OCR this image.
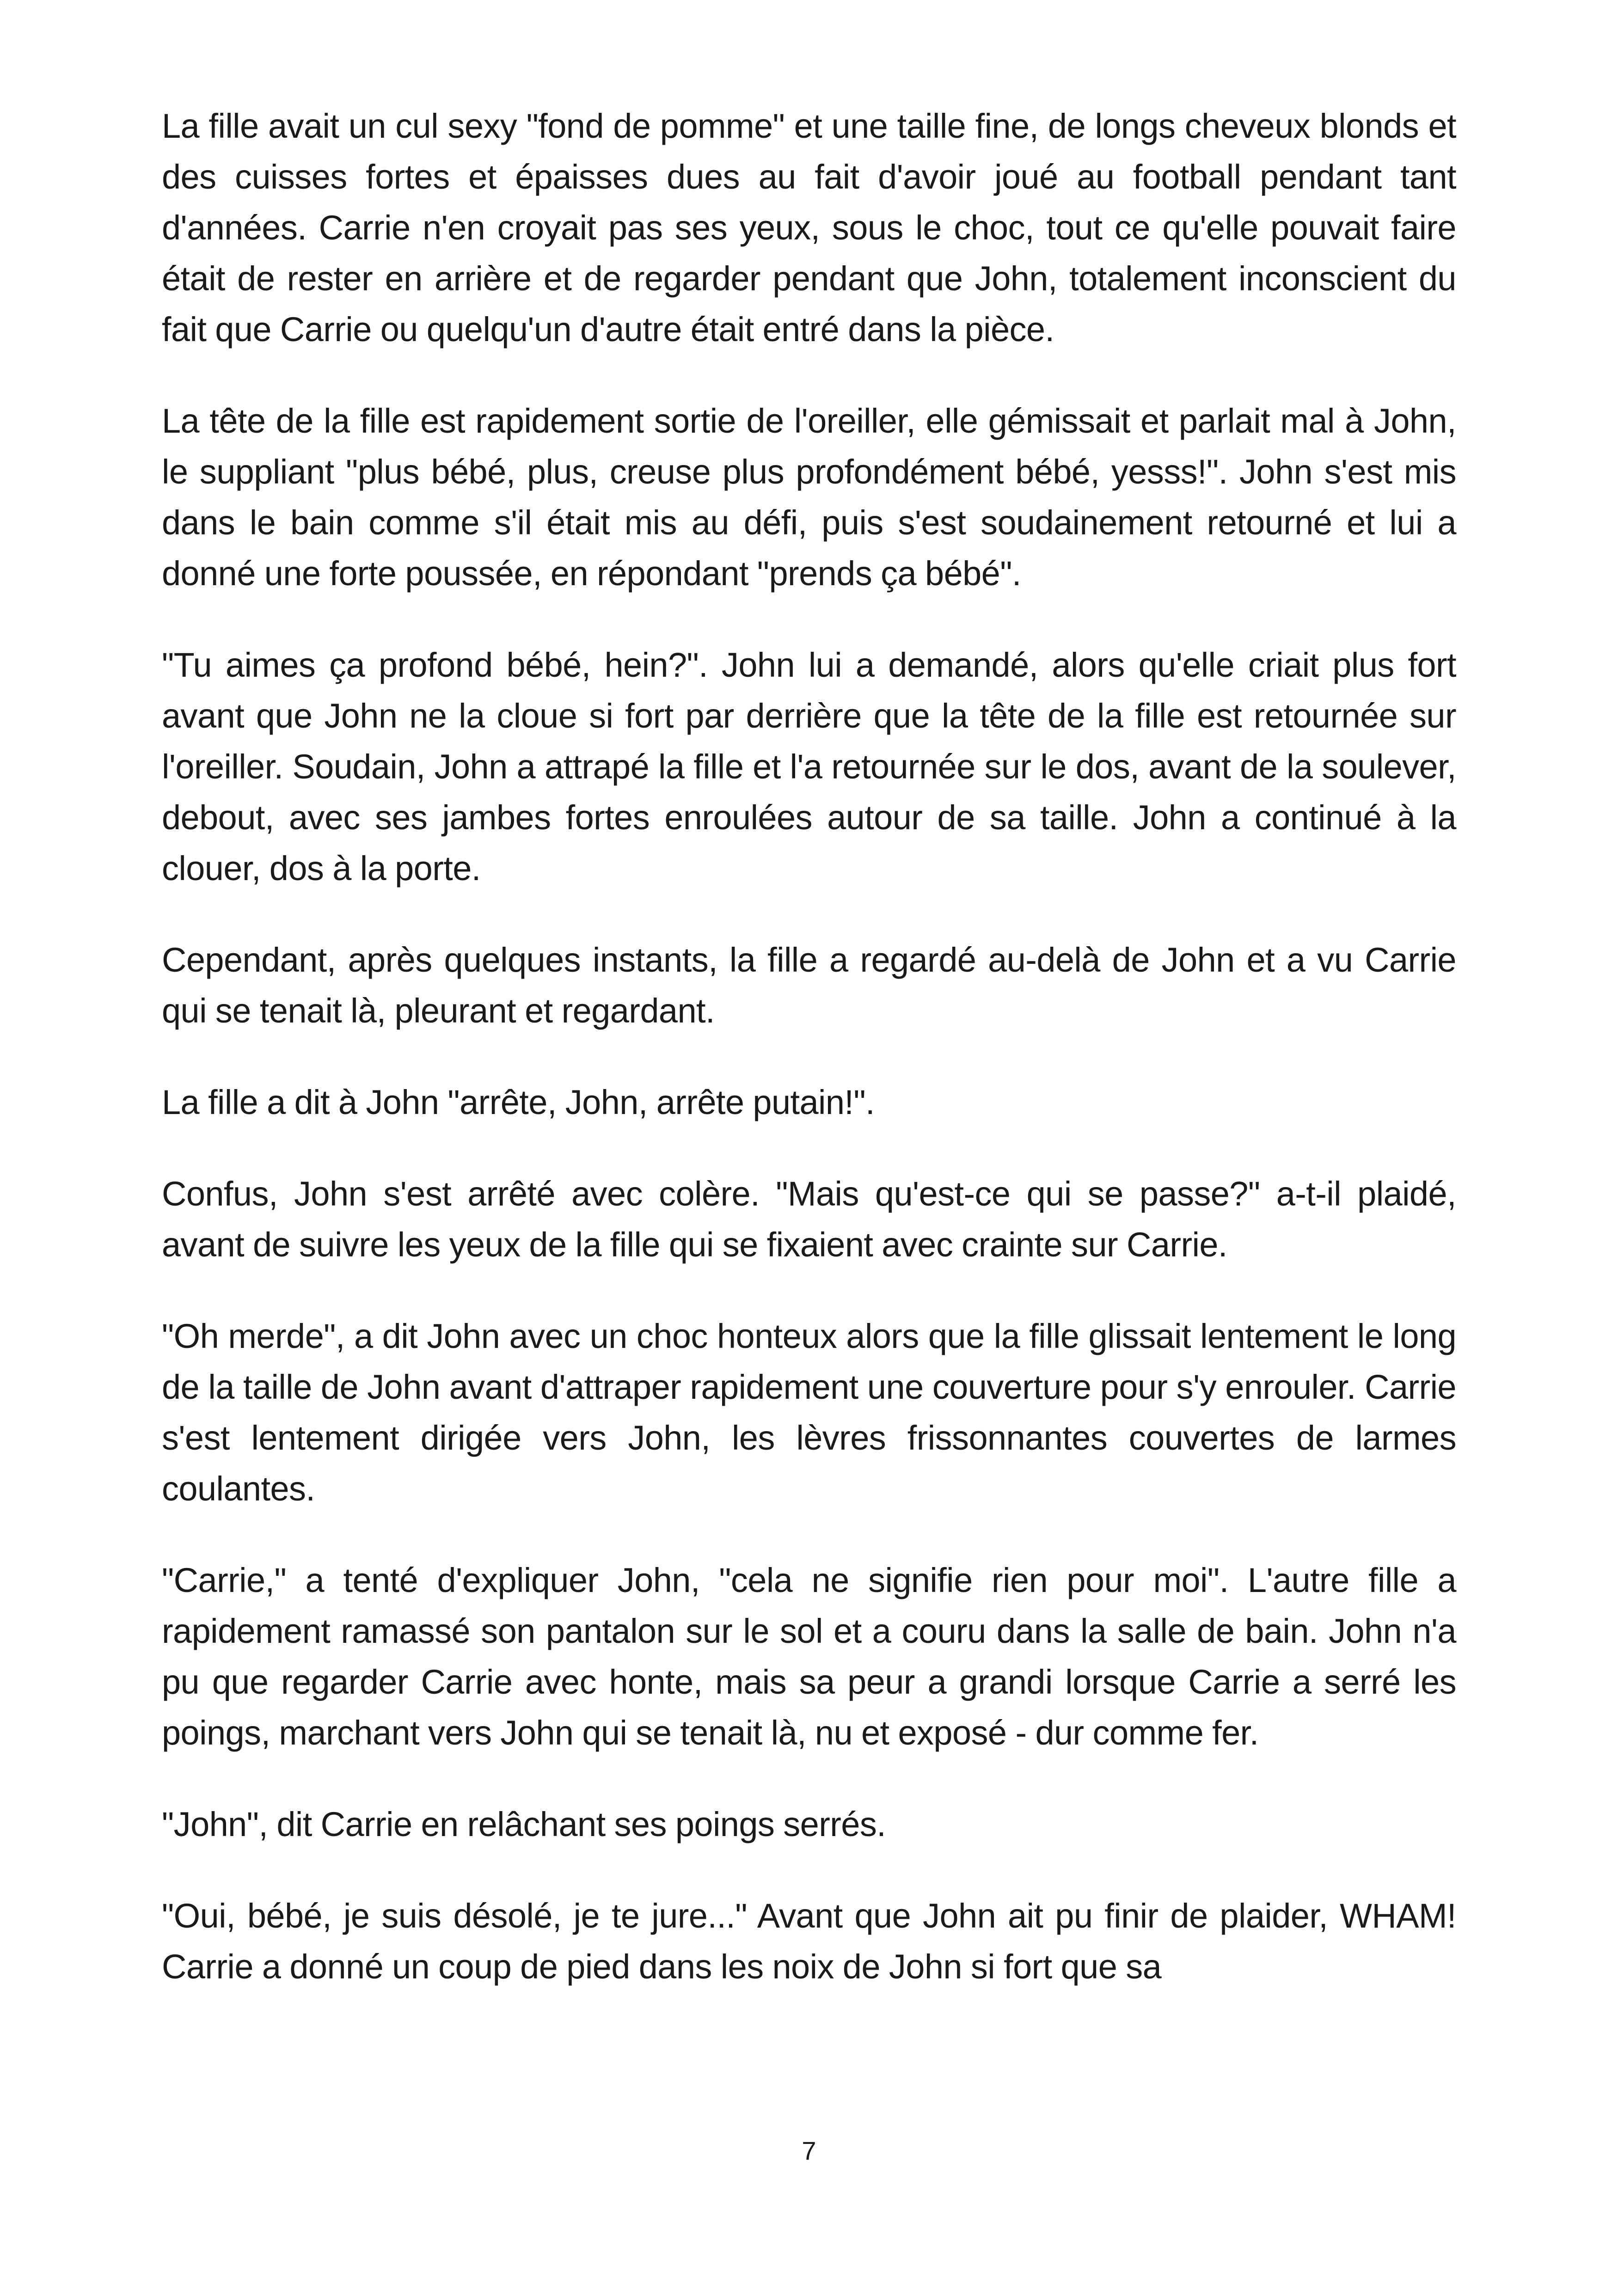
La fille avait un cul sexy "fond de pomme" et une taille fine, de longs cheveux blonds et des cuisses fortes et épaisses dues au fait d'avoir joué au football pendant tant d'années. Carrie n'en croyait pas ses yeux, sous le choc, tout ce qu'elle pouvait faire était de rester en arrière et de regarder pendant que John, totalement inconscient du fait que Carrie ou quelqu'un d'autre était entré dans la pièce.

La tête de la fille est rapidement sortie de l'oreiller, elle gémissait et parlait mal à John, le suppliant "plus bébé, plus, creuse plus profondément bébé, yesss!". John s'est mis dans le bain comme s'il était mis au défi, puis s'est soudainement retourné et lui a donné une forte poussée, en répondant "prends ça bébé".

"Tu aimes ça profond bébé, hein?". John lui a demandé, alors qu'elle criait plus fort avant que John ne la cloue si fort par derrière que la tête de la fille est retournée sur l'oreiller. Soudain, John a attrapé la fille et l'a retournée sur le dos, avant de la soulever, debout, avec ses jambes fortes enroulées autour de sa taille. John a continué à la clouer, dos à la porte.

Cependant, après quelques instants, la fille a regardé au-delà de John et a vu Carrie qui se tenait là, pleurant et regardant.

La fille a dit à John "arrête, John, arrête putain!".

Confus, John s'est arrêté avec colère. "Mais qu'est-ce qui se passe?" a-t-il plaidé, avant de suivre les yeux de la fille qui se fixaient avec crainte sur Carrie.

"Oh merde", a dit John avec un choc honteux alors que la fille glissait lentement le long de la taille de John avant d'attraper rapidement une couverture pour s'y enrouler. Carrie s'est lentement dirigée vers John, les lèvres frissonnantes couvertes de larmes coulantes.

"Carrie," a tenté d'expliquer John, "cela ne signifie rien pour moi". L'autre fille a rapidement ramassé son pantalon sur le sol et a couru dans la salle de bain. John n'a pu que regarder Carrie avec honte, mais sa peur a grandi lorsque Carrie a serré les poings, marchant vers John qui se tenait là, nu et exposé - dur comme fer.

"John", dit Carrie en relâchant ses poings serrés.

"Oui, bébé, je suis désolé, je te jure..." Avant que John ait pu finir de plaider, WHAM! Carrie a donné un coup de pied dans les noix de John si fort que sa

7
